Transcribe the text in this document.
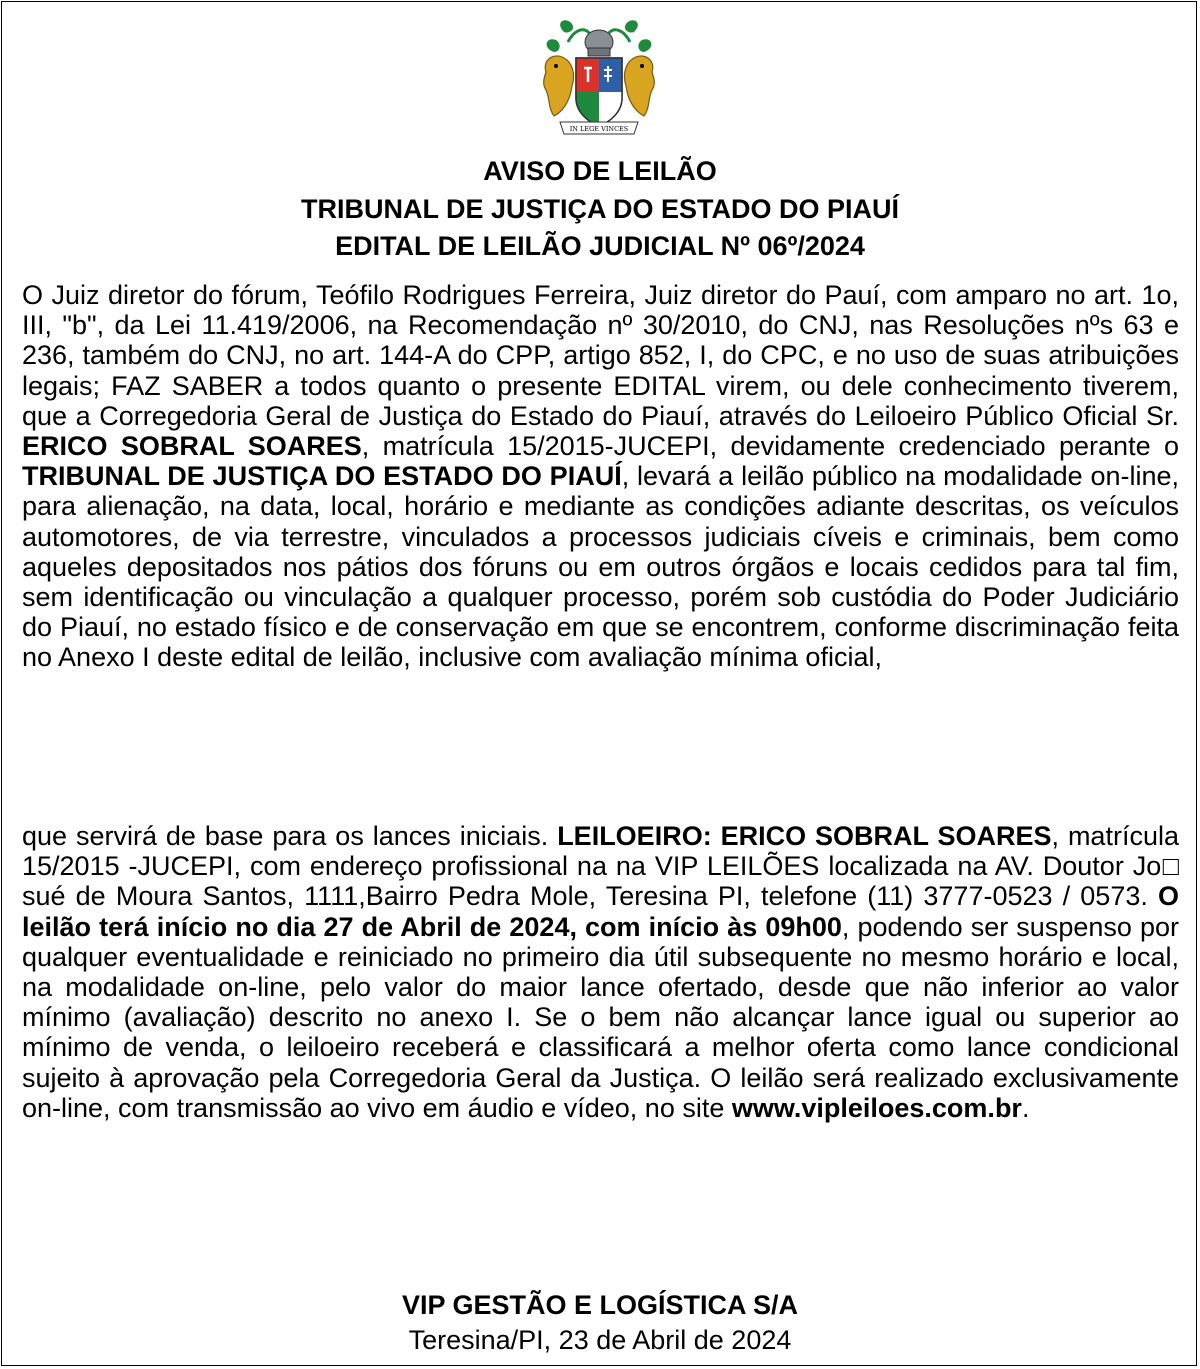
IN LEGE VINCES
AVISO DE LEILÃO
TRIBUNAL DE JUSTIÇA DO ESTADO DO PIAUÍ
EDITAL DE LEILÃO JUDICIAL Nº 06º/2024
O Juiz diretor do fórum, Teófilo Rodrigues Ferreira, Juiz diretor do Pauí, com amparo no art. 1o, III, "b", da Lei 11.419/2006, na Recomendação nº 30/2010, do CNJ, nas Resoluções nºs 63 e 236, também do CNJ, no art. 144-A do CPP, artigo 852, I, do CPC, e no uso de suas atribuições legais; FAZ SABER a todos quanto o presente EDITAL virem, ou dele conhecimento tiverem, que a Corregedoria Geral de Justiça do Estado do Piauí, através do Leiloeiro Público Oficial Sr. ERICO SOBRAL SOARES, matrícula 15/2015-JUCEPI, devidamente credenciado perante o TRIBUNAL DE JUSTIÇA DO ESTADO DO PIAUÍ, levará a leilão público na modalidade on-line, para alienação, na data, local, horário e mediante as condições adiante descritas, os veículos automotores, de via terrestre, vinculados a processos judiciais cíveis e criminais, bem como aqueles depositados nos pátios dos fóruns ou em outros órgãos e locais cedidos para tal fim, sem identificação ou vinculação a qualquer processo, porém sob custódia do Poder Judiciário do Piauí, no estado físico e de conservação em que se encontrem, conforme discriminação feita no Anexo I deste edital de leilão, inclusive com avaliação mínima oficial,
que servirá de base para os lances iniciais. LEILOEIRO: ERICO SOBRAL SOARES, matrícula 15/2015 -JUCEPI, com endereço profissional na na VIP LEILÕES localizada na AV. Doutor Jo□ sué de Moura Santos, 1111,Bairro Pedra Mole, Teresina PI, telefone (11) 3777-0523 / 0573. O leilão terá início no dia 27 de Abril de 2024, com início às 09h00, podendo ser suspenso por qualquer eventualidade e reiniciado no primeiro dia útil subsequente no mesmo horário e local, na modalidade on-line, pelo valor do maior lance ofertado, desde que não inferior ao valor mínimo (avaliação) descrito no anexo I. Se o bem não alcançar lance igual ou superior ao mínimo de venda, o leiloeiro receberá e classificará a melhor oferta como lance condicional sujeito à aprovação pela Corregedoria Geral da Justiça. O leilão será realizado exclusivamente on-line, com transmissão ao vivo em áudio e vídeo, no site www.vipleiloes.com.br.
VIP GESTÃO E LOGÍSTICA S/A
Teresina/PI, 23 de Abril de 2024
